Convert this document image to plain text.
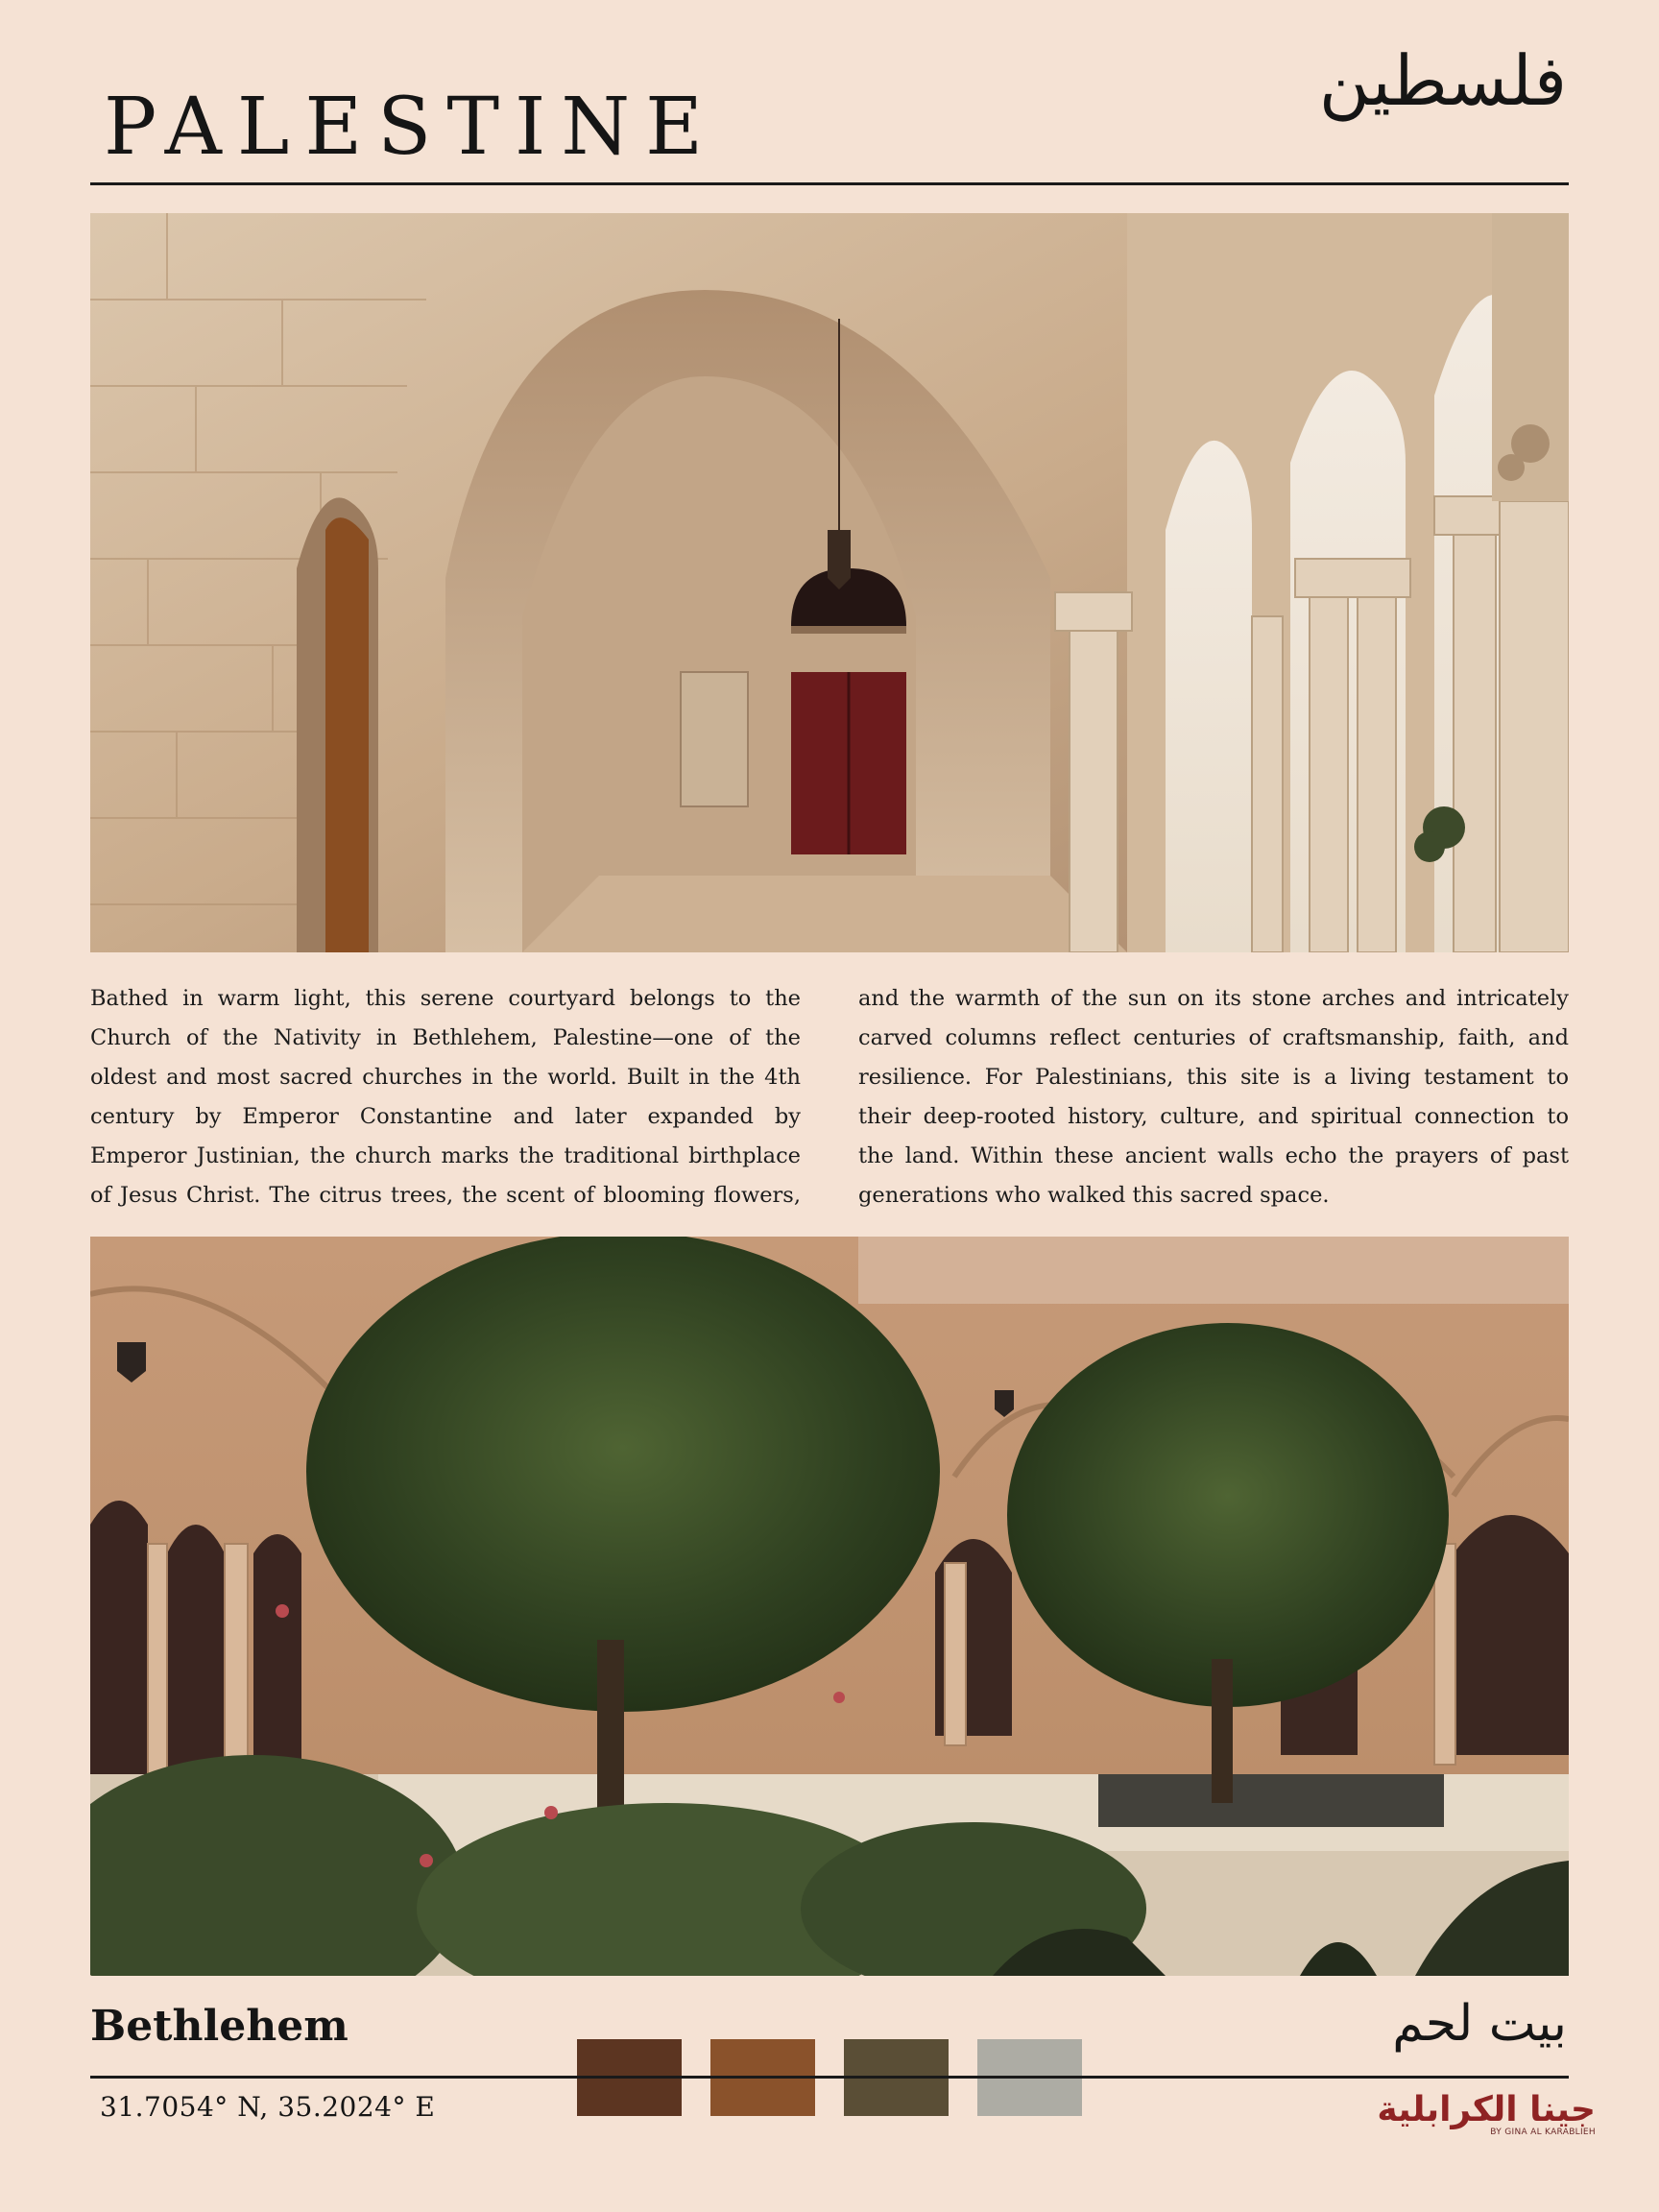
PALESTINE
فلسطين
Bathed in warm light, this serene courtyard belongs to the Church of the Nativity in Bethlehem, Palestine—one of the oldest and most sacred churches in the world. Built in the 4th century by Emperor Constantine and later expanded by Emperor Justinian, the church marks the traditional birthplace of Jesus Christ. The citrus trees, the scent of blooming flowers, and the warmth of the sun on its stone arches and intricately carved columns reflect centuries of craftsmanship, faith, and resilience. For Palestinians, this site is a living testament to their deep-rooted history, culture, and spiritual connection to the land. Within these ancient walls echo the prayers of past generations who walked this sacred space.
Bethlehem	بيت لحم
31.7054° N, 35.2024° E	جينا الكرابلية
BY GINA AL KARABLIEH
